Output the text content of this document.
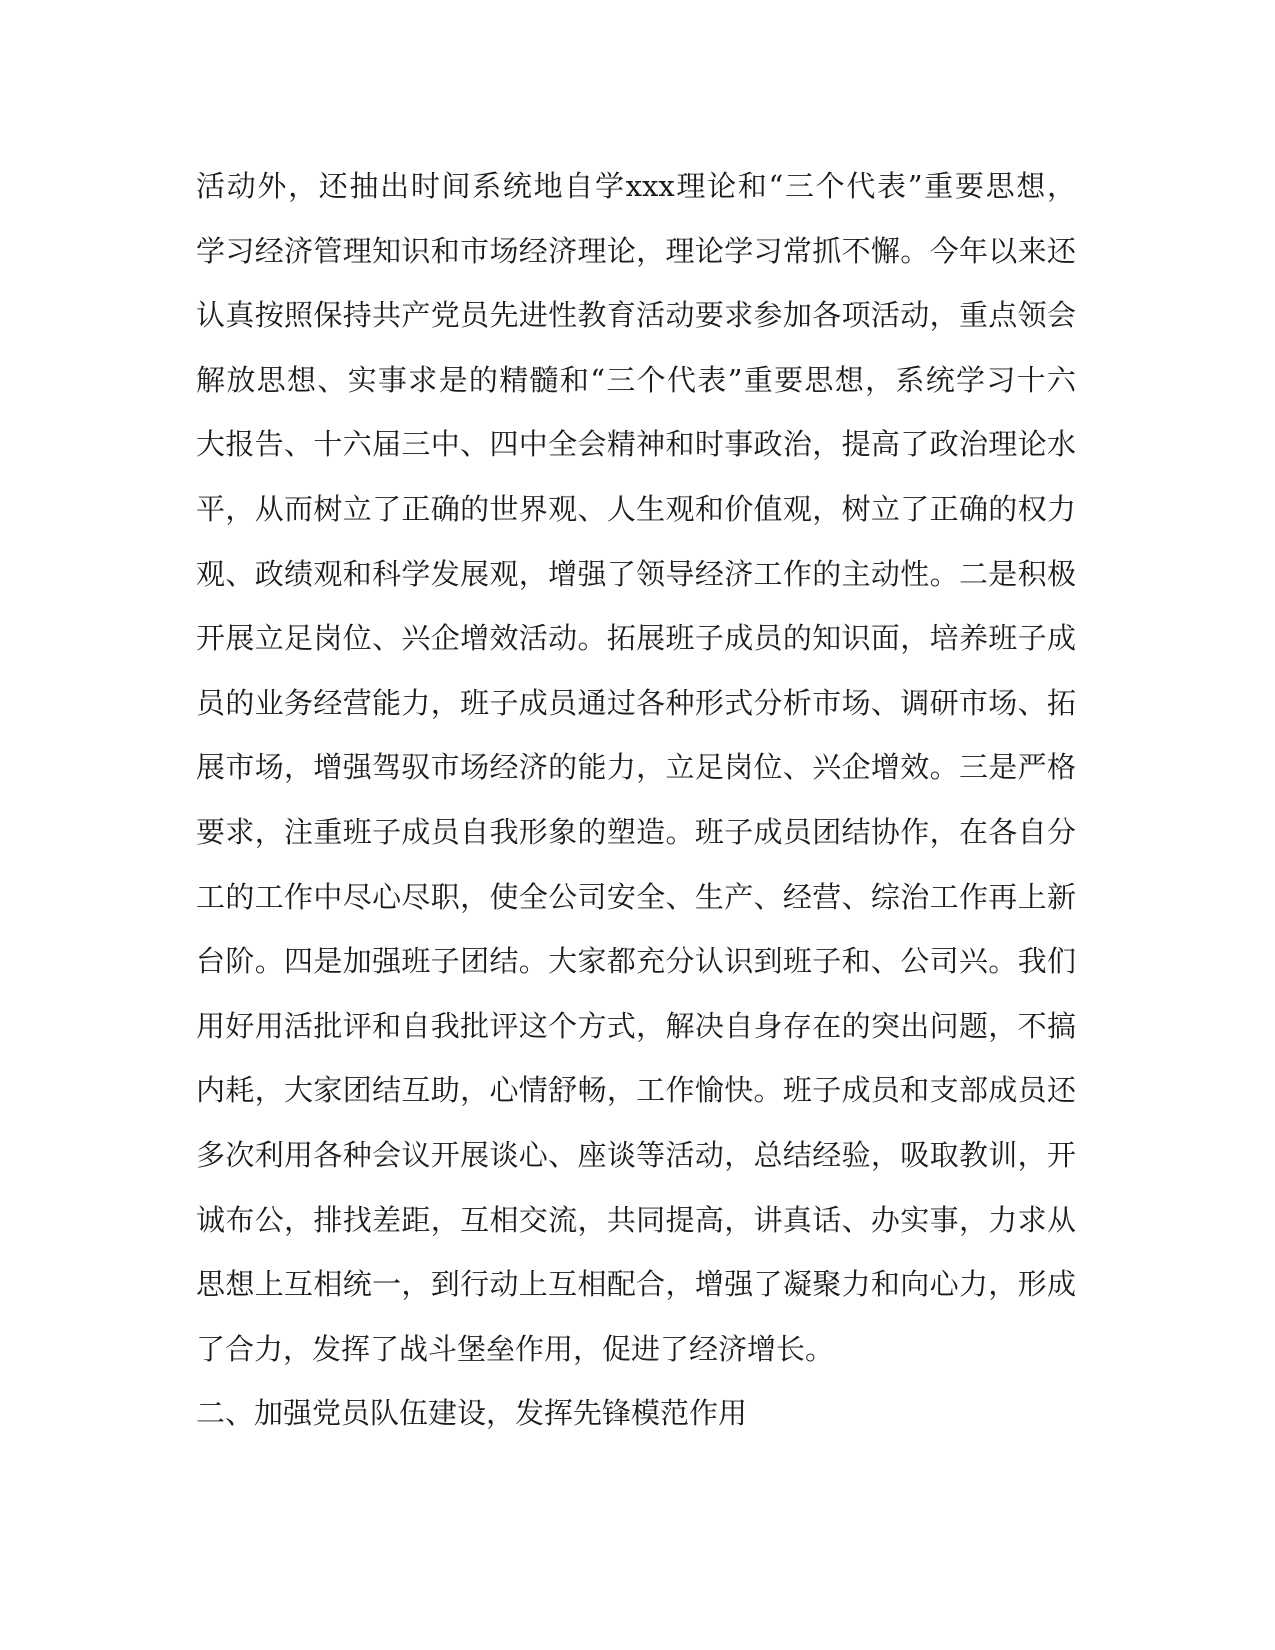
活动外，还抽出时间系统地自学xxx理论和“三个代表”重要思想，
学习经济管理知识和市场经济理论，理论学习常抓不懈。今年以来还
认真按照保持共产党员先进性教育活动要求参加各项活动，重点领会
解放思想、实事求是的精髓和“三个代表”重要思想，系统学习十六
大报告、十六届三中、四中全会精神和时事政治，提高了政治理论水
平，从而树立了正确的世界观、人生观和价值观，树立了正确的权力
观、政绩观和科学发展观，增强了领导经济工作的主动性。二是积极
开展立足岗位、兴企增效活动。拓展班子成员的知识面，培养班子成
员的业务经营能力，班子成员通过各种形式分析市场、调研市场、拓
展市场，增强驾驭市场经济的能力，立足岗位、兴企增效。三是严格
要求，注重班子成员自我形象的塑造。班子成员团结协作，在各自分
工的工作中尽心尽职，使全公司安全、生产、经营、综治工作再上新
台阶。四是加强班子团结。大家都充分认识到班子和、公司兴。我们
用好用活批评和自我批评这个方式，解决自身存在的突出问题，不搞
内耗，大家团结互助，心情舒畅，工作愉快。班子成员和支部成员还
多次利用各种会议开展谈心、座谈等活动，总结经验，吸取教训，开
诚布公，排找差距，互相交流，共同提高，讲真话、办实事，力求从
思想上互相统一，到行动上互相配合，增强了凝聚力和向心力，形成
了合力，发挥了战斗堡垒作用，促进了经济增长。
二、加强党员队伍建设，发挥先锋模范作用
